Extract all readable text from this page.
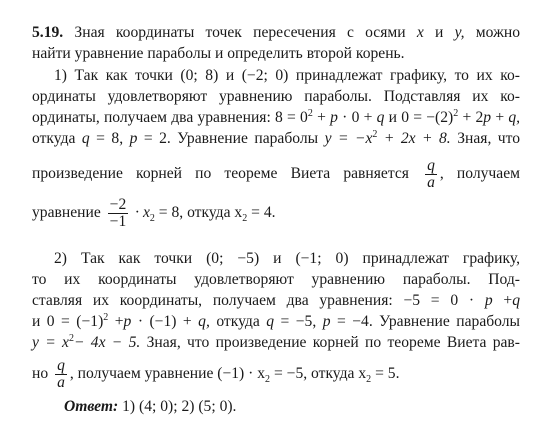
5.19. Зная координаты точек пересечения с осями x и y, можно
найти уравнение параболы и определить второй корень.
1) Так как точки (0; 8) и (−2; 0) принадлежат графику, то их ко-
ординаты удовлетворяют уравнению параболы. Подставляя их ко-
ординаты, получаем два уравнения: $8 = 0^2 + p \cdot 0 + q$ и $0 = -(2)^2 + 2p + q$,
откуда q = 8, p = 2. Уравнение параболы $y = -x^2 + 2x + 8$. Зная, что
произведение корней по теореме Виета равняется $\frac{q}{a}$ , получаем
уравнение $\frac{-2}{-1} \cdot x_2 = 8$, откуда $x_2 = 4$.
2) Так как точки (0; −5) и (−1; 0) принадлежат графику,
то их координаты удовлетворяют уравнению параболы. Под-
ставляя их координаты, получаем два уравнения: −5 = 0 · p +q
и $0 = (-1)^2 +p \cdot (-1) + q$, откуда q = −5, p = −4. Уравнение параболы
$y = x^2- 4x - 5$. Зная, что произведение корней по теореме Виета рав-
но $\frac{q}{a}$ , получаем уравнение $(-1) \cdot x_2 = -5$, откуда $x_2 = 5$.
Ответ: 1) (4; 0); 2) (5; 0).
